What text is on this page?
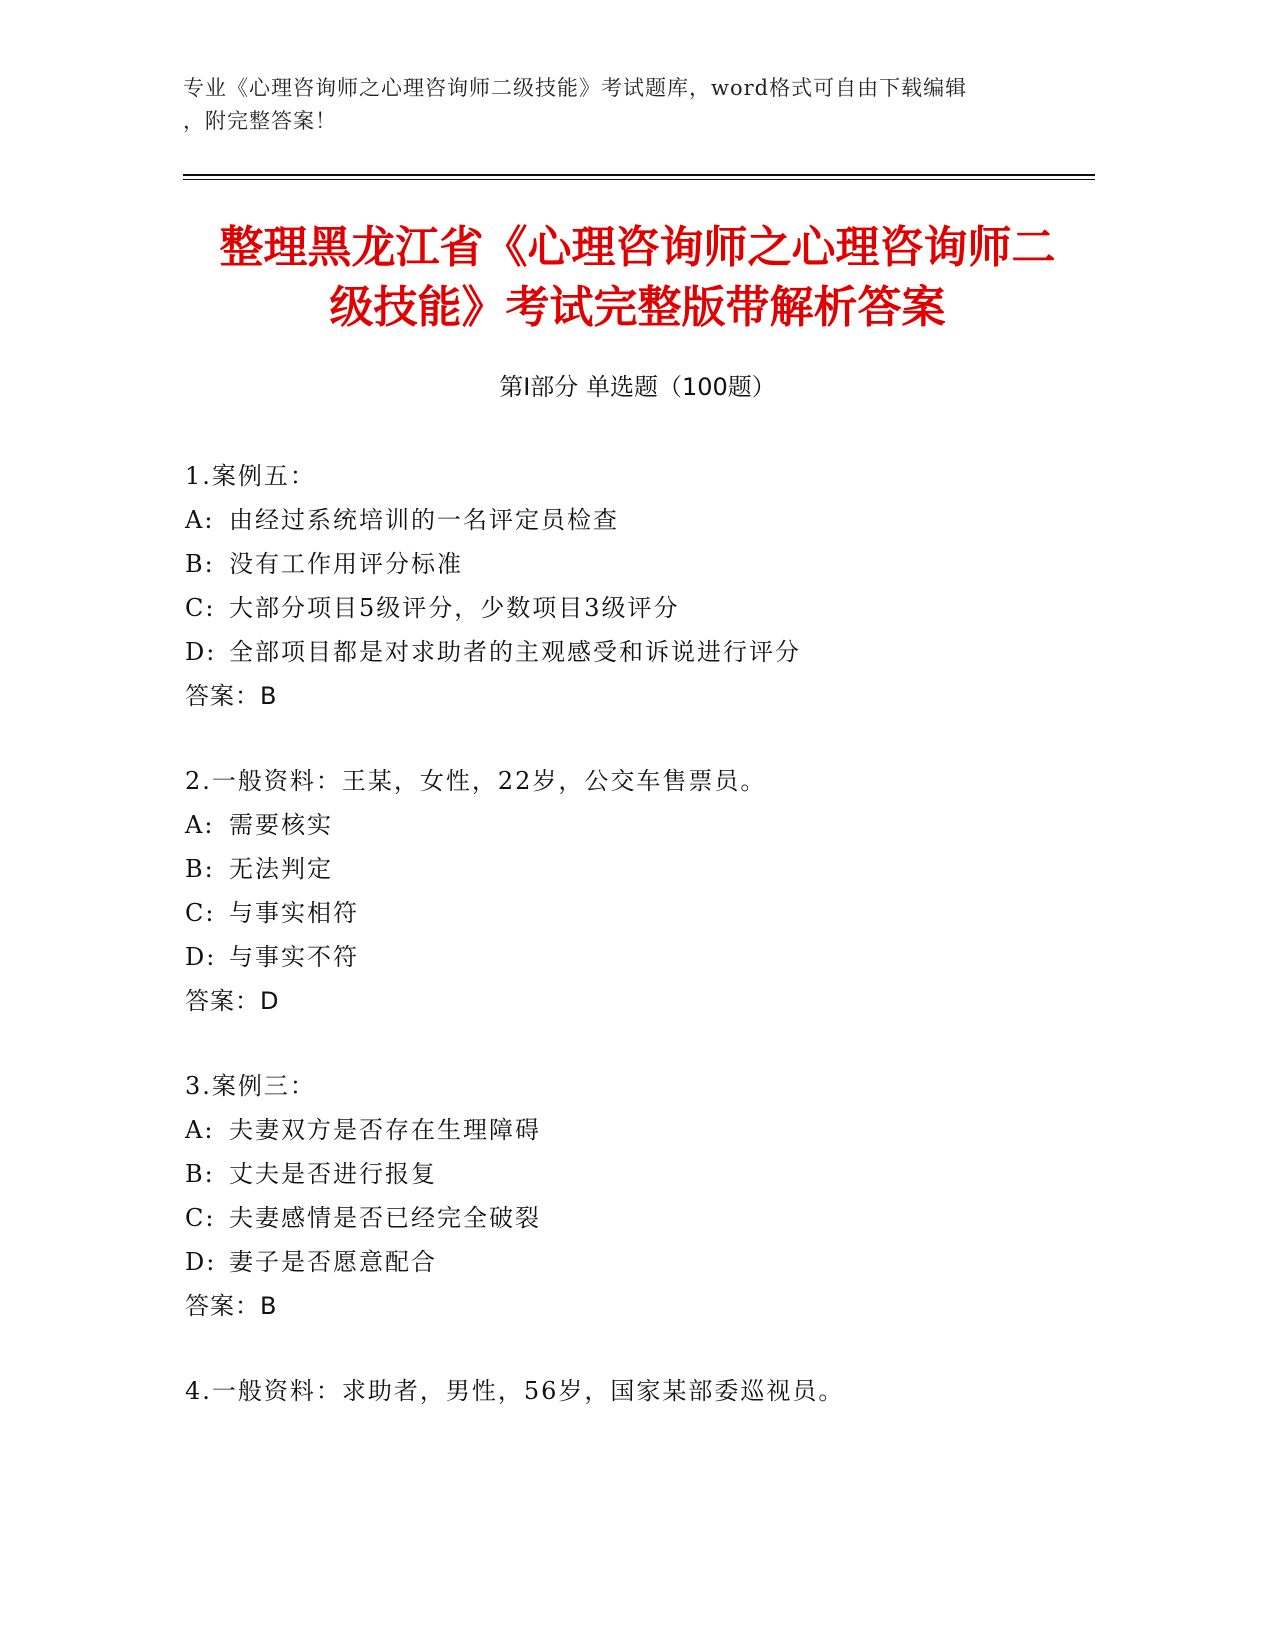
专业《心理咨询师之心理咨询师二级技能》考试题库，word格式可自由下载编辑
，附完整答案！
整理黑龙江省《心理咨询师之心理咨询师二
级技能》考试完整版带解析答案
第Ⅰ部分 单选题（100题）
1.案例五：
A: 由经过系统培训的一名评定员检查
B: 没有工作用评分标准
C: 大部分项目5级评分，少数项目3级评分
D: 全部项目都是对求助者的主观感受和诉说进行评分
答案：B
2.一般资料：王某，女性，22岁，公交车售票员。
A: 需要核实
B: 无法判定
C: 与事实相符
D: 与事实不符
答案：D
3.案例三：
A: 夫妻双方是否存在生理障碍
B: 丈夫是否进行报复
C: 夫妻感情是否已经完全破裂
D: 妻子是否愿意配合
答案：B
4.一般资料：求助者，男性，56岁，国家某部委巡视员。
